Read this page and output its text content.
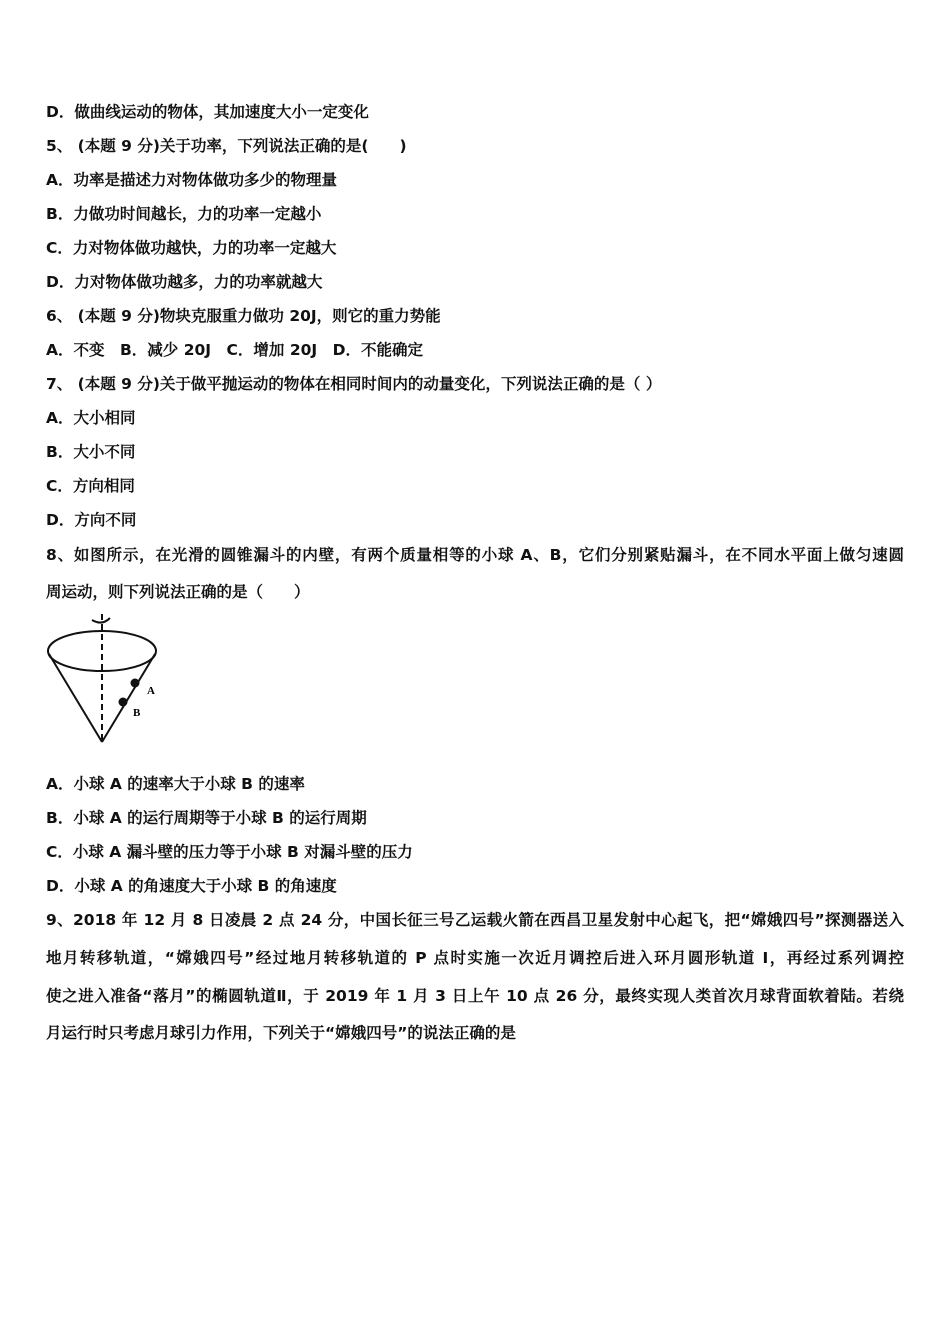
D．做曲线运动的物体，其加速度大小一定变化
5、 (本题 9 分)关于功率，下列说法正确的是(　　)
A．功率是描述力对物体做功多少的物理量
B．力做功时间越长，力的功率一定越小
C．力对物体做功越快，力的功率一定越大
D．力对物体做功越多，力的功率就越大
6、 (本题 9 分)物块克服重力做功 20J，则它的重力势能
A．不变　B．减少 20J　C．增加 20J　D．不能确定
7、 (本题 9 分)关于做平抛运动的物体在相同时间内的动量变化，下列说法正确的是（ ）
A．大小相同
B．大小不同
C．方向相同
D．方向不同
8、如图所示，在光滑的圆锥漏斗的内壁，有两个质量相等的小球 A、B，它们分别紧贴漏斗，在不同水平面上做匀速圆
周运动，则下列说法正确的是（　　）
A
B
A．小球 A 的速率大于小球 B 的速率
B．小球 A 的运行周期等于小球 B 的运行周期
C．小球 A 漏斗壁的压力等于小球 B 对漏斗壁的压力
D．小球 A 的角速度大于小球 B 的角速度
9、2018 年 12 月 8 日凌晨 2 点 24 分，中国长征三号乙运载火箭在西昌卫星发射中心起飞，把“嫦娥四号”探测器送入
地月转移轨道，“嫦娥四号”经过地月转移轨道的 P 点时实施一次近月调控后进入环月圆形轨道 I，再经过系列调控
使之进入准备“落月”的椭圆轨道Ⅱ，于 2019 年 1 月 3 日上午 10 点 26 分，最终实现人类首次月球背面软着陆。若绕
月运行时只考虑月球引力作用，下列关于“嫦娥四号”的说法正确的是
